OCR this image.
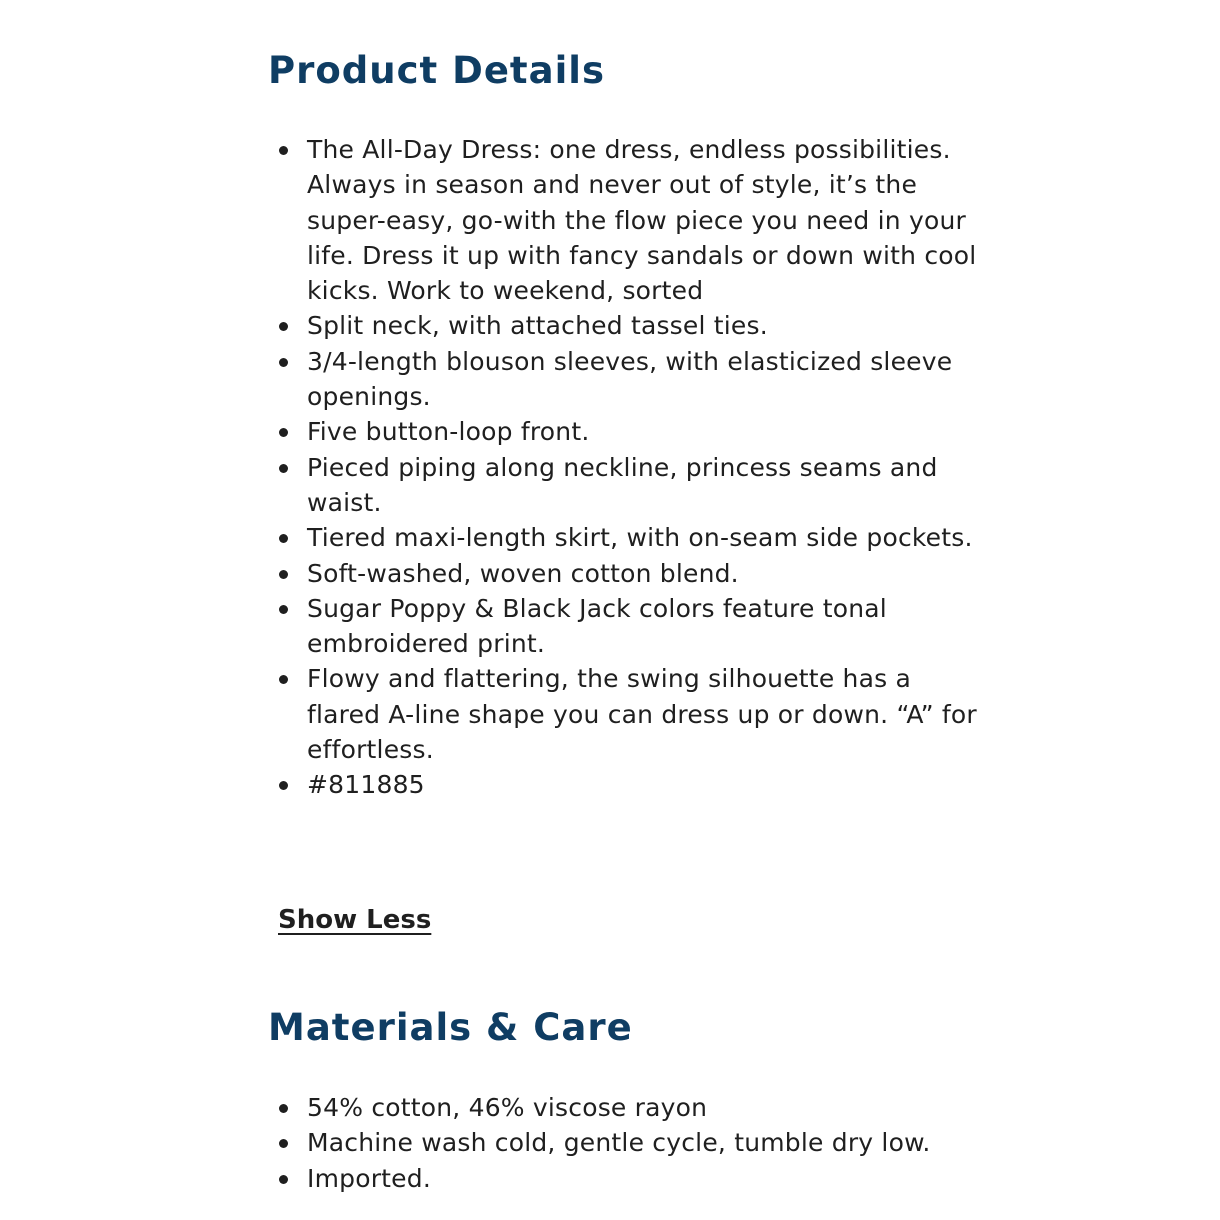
Product Details
The All-Day Dress: one dress, endless possibilities. Always in season and never out of style, it’s the super-easy, go-with the flow piece you need in your life. Dress it up with fancy sandals or down with cool kicks. Work to weekend, sorted
Split neck, with attached tassel ties.
3/4-length blouson sleeves, with elasticized sleeve openings.
Five button-loop front.
Pieced piping along neckline, princess seams and waist.
Tiered maxi-length skirt, with on-seam side pockets.
Soft-washed, woven cotton blend.
Sugar Poppy & Black Jack colors feature tonal embroidered print.
Flowy and flattering, the swing silhouette has a flared A-line shape you can dress up or down. “A” for effortless.
#811885
Show Less
Materials & Care
54% cotton, 46% viscose rayon
Machine wash cold, gentle cycle, tumble dry low.
Imported.
